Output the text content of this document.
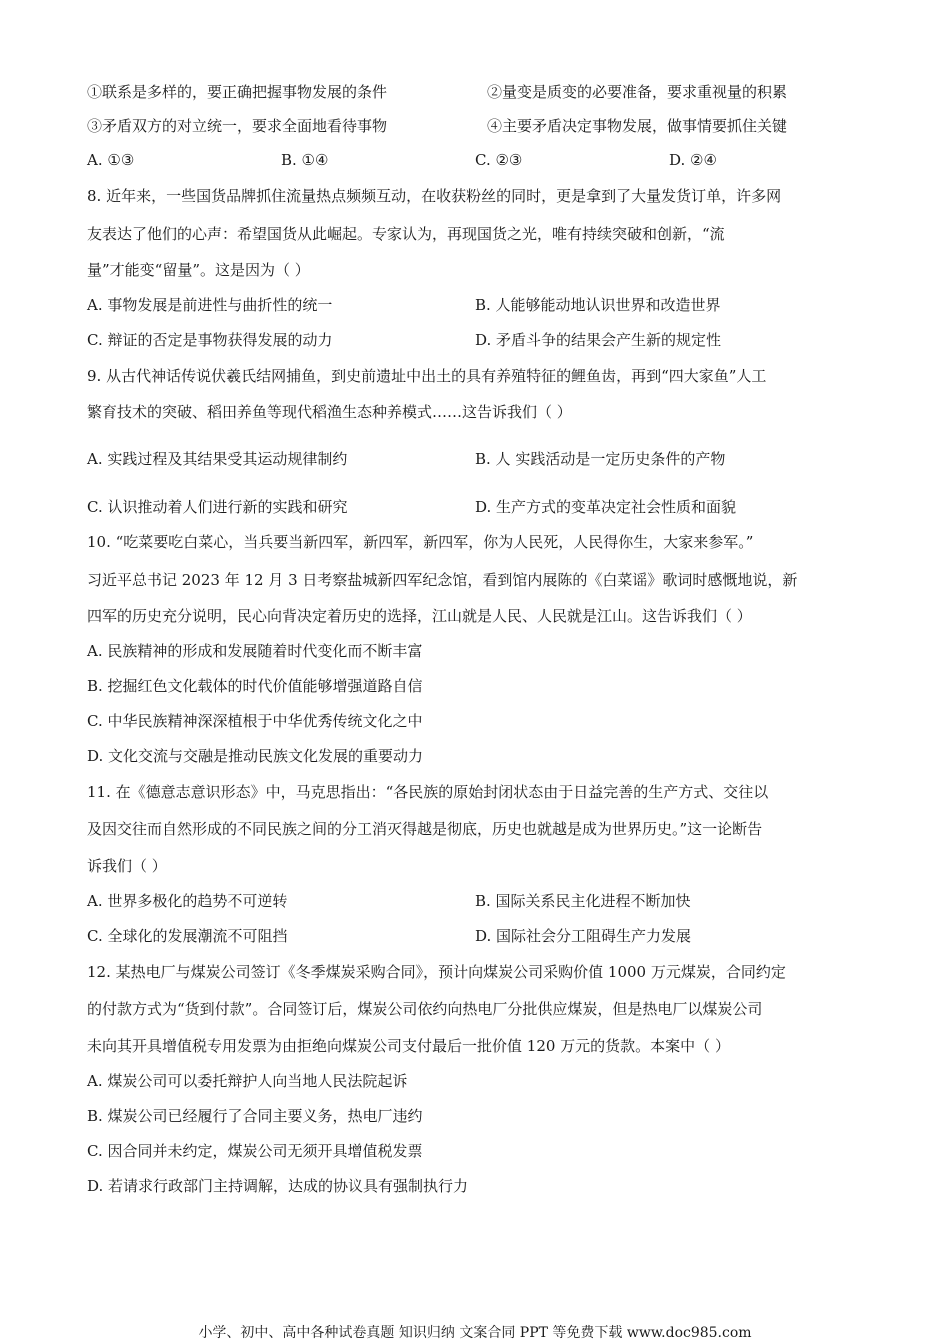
①联系是多样的，要正确把握事物发展的条件	②量变是质变的必要准备，要求重视量的积累
③矛盾双方的对立统一，要求全面地看待事物	④主要矛盾决定事物发展，做事情要抓住关键
A. ①③	B. ①④	C. ②③	D. ②④
8. 近年来，一些国货品牌抓住流量热点频频互动，在收获粉丝的同时，更是拿到了大量发货订单，许多网
友表达了他们的心声：希望国货从此崛起。专家认为，再现国货之光，唯有持续突破和创新，“流
量”才能变“留量”。这是因为（ ）
A. 事物发展是前进性与曲折性的统一	B. 人能够能动地认识世界和改造世界
C. 辩证的否定是事物获得发展的动力	D. 矛盾斗争的结果会产生新的规定性
9. 从古代神话传说伏羲氏结网捕鱼，到史前遗址中出土的具有养殖特征的鲤鱼齿，再到“四大家鱼”人工
繁育技术的突破、稻田养鱼等现代稻渔生态种养模式……这告诉我们（ ）
A. 实践过程及其结果受其运动规律制约	B. 人 实践活动是一定历史条件的产物
C. 认识推动着人们进行新的实践和研究	D. 生产方式的变革决定社会性质和面貌
10. “吃菜要吃白菜心，当兵要当新四军，新四军，新四军，你为人民死，人民得你生，大家来参军。”
习近平总书记 2023 年 12 月 3 日考察盐城新四军纪念馆，看到馆内展陈的《白菜谣》歌词时感慨地说，新
四军的历史充分说明，民心向背决定着历史的选择，江山就是人民、人民就是江山。这告诉我们（ ）
A. 民族精神的形成和发展随着时代变化而不断丰富
B. 挖掘红色文化载体的时代价值能够增强道路自信
C. 中华民族精神深深植根于中华优秀传统文化之中
D. 文化交流与交融是推动民族文化发展的重要动力
11. 在《德意志意识形态》中，马克思指出：“各民族的原始封闭状态由于日益完善的生产方式、交往以
及因交往而自然形成的不同民族之间的分工消灭得越是彻底，历史也就越是成为世界历史。”这一论断告
诉我们（ ）
A. 世界多极化的趋势不可逆转	B. 国际关系民主化进程不断加快
C. 全球化的发展潮流不可阻挡	D. 国际社会分工阻碍生产力发展
12. 某热电厂与煤炭公司签订《冬季煤炭采购合同》，预计向煤炭公司采购价值 1000 万元煤炭，合同约定
的付款方式为“货到付款”。合同签订后，煤炭公司依约向热电厂分批供应煤炭，但是热电厂以煤炭公司
未向其开具增值税专用发票为由拒绝向煤炭公司支付最后一批价值 120 万元的货款。本案中（ ）
A. 煤炭公司可以委托辩护人向当地人民法院起诉
B. 煤炭公司已经履行了合同主要义务，热电厂违约
C. 因合同并未约定，煤炭公司无须开具增值税发票
D. 若请求行政部门主持调解，达成的协议具有强制执行力
小学、初中、高中各种试卷真题 知识归纳 文案合同 PPT 等免费下载 www.doc985.com
